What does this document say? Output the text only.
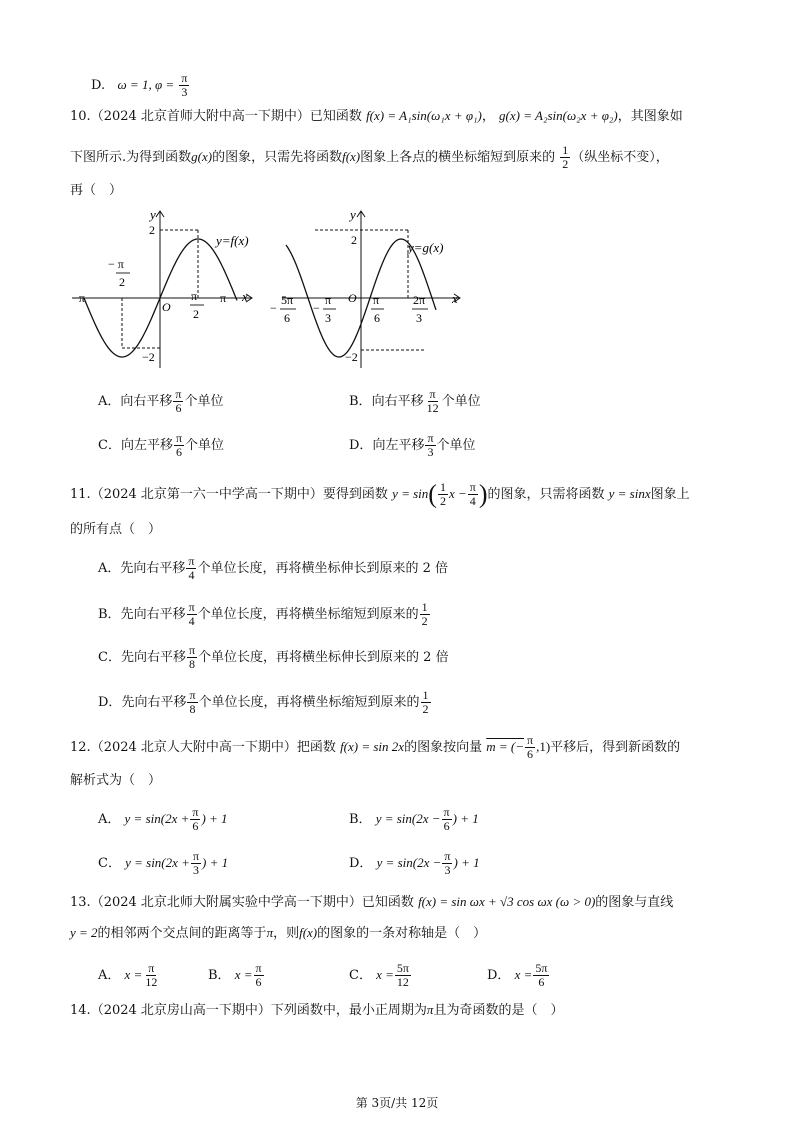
D. ω = 1, $\varphi = \frac{\pi}{3}$
10.（2024 北京首师大附中高一下期中）已知函数 f(x) = A₁sin(ω₁x + φ₁)， g(x) = A₂sin(ω₂x + φ₂)，其图象如
下图所示.为得到函数g(x)的图象，只需先将函数f(x)图象上各点的横坐标缩短到原来的 $\frac{1}{2}$ （纵坐标不变），
再（　）
y
x
O
y=f(x)
2
−2
−π	π
− π
2
π
2
y
x
O
y=g(x)
2
−2
−
5π
6
−
π
3
π
6
2π
3
A．向右平移 $\frac{\pi}{6}$ 个单位	B．向右平移 $\frac{\pi}{12}$ 个单位
C．向左平移 $\frac{\pi}{6}$ 个单位	D．向左平移 $\frac{\pi}{3}$ 个单位
11.（2024 北京第一六一中学高一下期中）要得到函数 $y = \sin( \frac{1}{2}$ $x - \frac{\pi}{4}$ )的图象，只需将函数 y = sinx图象上
的所有点（　）
A．先向右平移 $\frac{\pi}{4}$ 个单位长度，再将横坐标伸长到原来的 2 倍
B．先向右平移 $\frac{\pi}{4}$ 个单位长度，再将横坐标缩短到原来的 $\frac{1}{2}$
C．先向右平移 $\frac{\pi}{8}$ 个单位长度，再将横坐标伸长到原来的 2 倍
D．先向右平移 $\frac{\pi}{8}$ 个单位长度，再将横坐标缩短到原来的 $\frac{1}{2}$
12.（2024 北京人大附中高一下期中）把函数 f(x) = sin 2x的图象按向量 m = (− $\frac{\pi}{6} ,1$)平移后，得到新函数的
解析式为（　）
A． $y = \sin(2x + \frac{\pi}{6}$ ) + 1	B． $y = \sin(2x - \frac{\pi}{6}$ ) + 1
C． $y = \sin(2x + \frac{\pi}{3}$ ) + 1	D． $y = \sin(2x - \frac{\pi}{3}$ ) + 1
13.（2024 北京北师大附属实验中学高一下期中）已知函数 f(x) = sin ωx + √3 cos ωx (ω > 0)的图象与直线
y = 2的相邻两个交点间的距离等于π，则f(x)的图象的一条对称轴是（　）
A． $x = \frac{\pi}{12}$	B． $x = \frac{\pi}{6}$	C． $x = \frac{5\pi}{12}$	D． $x = \frac{5\pi}{6}$
14.（2024 北京房山高一下期中）下列函数中，最小正周期为π且为奇函数的是（　）
第 3页/共 12页
